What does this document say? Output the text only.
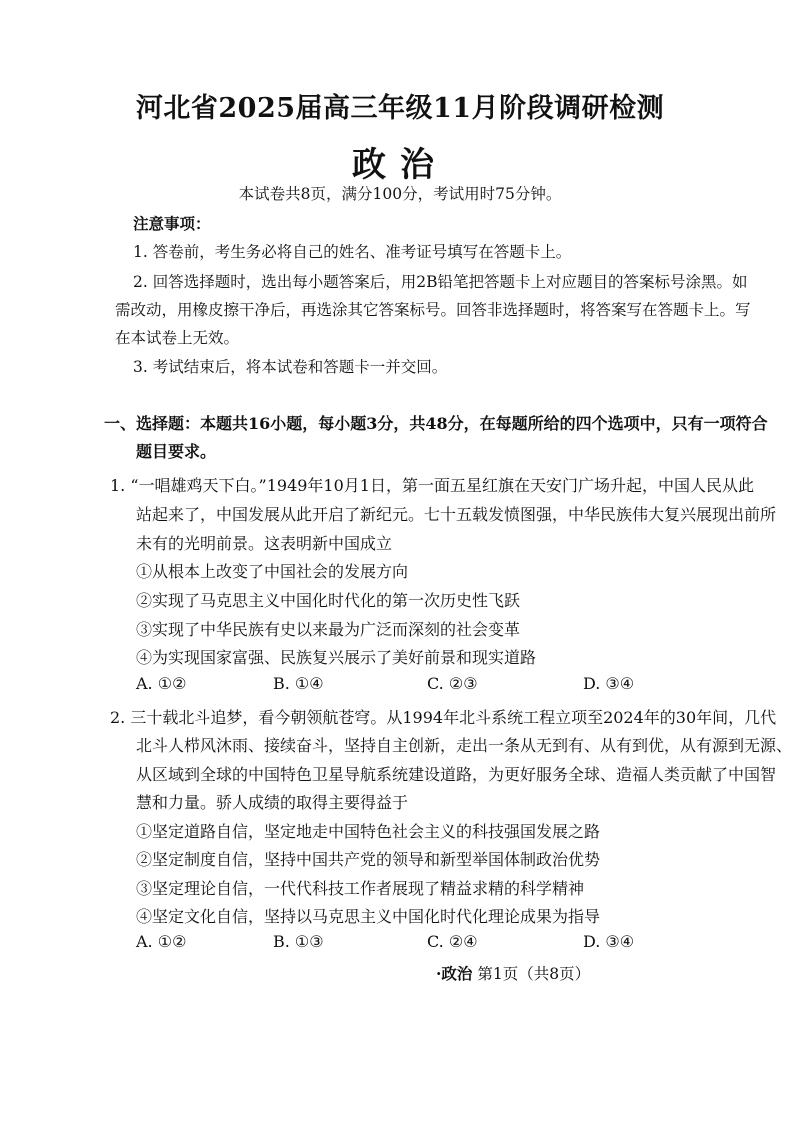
河北省2025届高三年级11月阶段调研检测
政治
本试卷共8页，满分100分，考试用时75分钟。
注意事项：
1. 答卷前，考生务必将自己的姓名、准考证号填写在答题卡上。
2. 回答选择题时，选出每小题答案后，用2B铅笔把答题卡上对应题目的答案标号涂黑。如
需改动，用橡皮擦干净后，再选涂其它答案标号。回答非选择题时，将答案写在答题卡上。写
在本试卷上无效。
3. 考试结束后，将本试卷和答题卡一并交回。
一、选择题：本题共16小题，每小题3分，共48分，在每题所给的四个选项中，只有一项符合
题目要求。
1. “一唱雄鸡天下白。”1949年10月1日，第一面五星红旗在天安门广场升起，中国人民从此
站起来了，中国发展从此开启了新纪元。七十五载发愤图强，中华民族伟大复兴展现出前所
未有的光明前景。这表明新中国成立
①从根本上改变了中国社会的发展方向
②实现了马克思主义中国化时代化的第一次历史性飞跃
③实现了中华民族有史以来最为广泛而深刻的社会变革
④为实现国家富强、民族复兴展示了美好前景和现实道路
A. ①②	B. ①④	C. ②③	D. ③④
2. 三十载北斗追梦，看今朝领航苍穹。从1994年北斗系统工程立项至2024年的30年间，几代
北斗人栉风沐雨、接续奋斗，坚持自主创新，走出一条从无到有、从有到优，从有源到无源、
从区域到全球的中国特色卫星导航系统建设道路，为更好服务全球、造福人类贡献了中国智
慧和力量。骄人成绩的取得主要得益于
①坚定道路自信，坚定地走中国特色社会主义的科技强国发展之路
②坚定制度自信，坚持中国共产党的领导和新型举国体制政治优势
③坚定理论自信，一代代科技工作者展现了精益求精的科学精神
④坚定文化自信，坚持以马克思主义中国化时代化理论成果为指导
A. ①②	B. ①③	C. ②④	D. ③④
·政治 第1页（共8页）
